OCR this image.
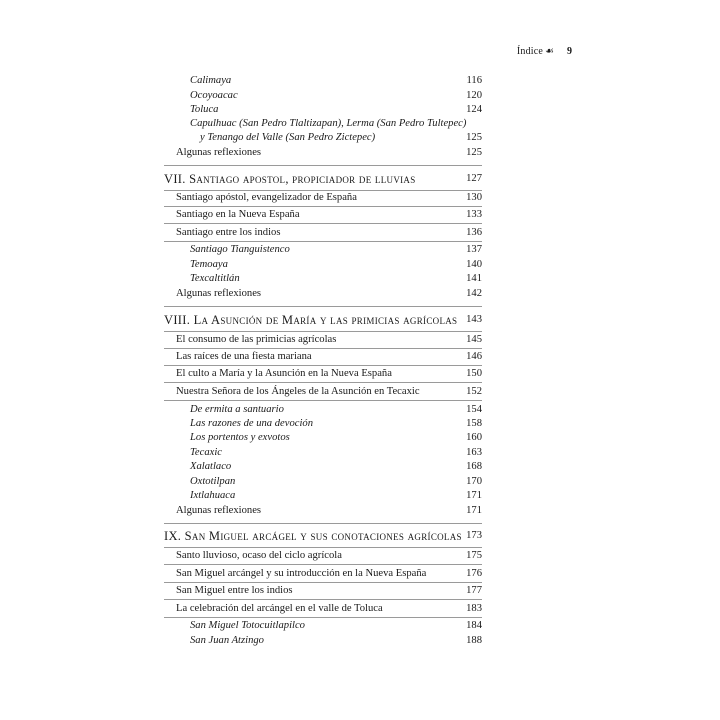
Índice ☙ 9
Calimaya	116
Ocoyoacac	120
Toluca	124
Capulhuac (San Pedro Tlaltizapan), Lerma (San Pedro Tultepec)
y Tenango del Valle (San Pedro Zictepec)	125
Algunas reflexiones	125
VII. Santiago apostol, propiciador de lluvias	127
Santiago apóstol, evangelizador de España	130
Santiago en la Nueva España	133
Santiago entre los indios	136
Santiago Tianguistenco	137
Temoaya	140
Texcaltitlán	141
Algunas reflexiones	142
VIII. La Asunción de María y las primicias agrícolas 143
El consumo de las primicias agrícolas	145
Las raíces de una fiesta mariana	146
El culto a María y la Asunción en la Nueva España	150
Nuestra Señora de los Ángeles de la Asunción en Tecaxic	152
De ermita a santuario	154
Las razones de una devoción	158
Los portentos y exvotos	160
Tecaxic	163
Xalatlaco	168
Oxtotilpan	170
Ixtlahuaca	171
Algunas reflexiones	171
IX. San Miguel arcágel y sus conotaciones agrícolas 173
Santo lluvioso, ocaso del ciclo agrícola	175
San Miguel arcángel y su introducción en la Nueva España	176
San Miguel entre los indios	177
La celebración del arcángel en el valle de Toluca	183
San Miguel Totocuitlapilco	184
San Juan Atzingo	188
